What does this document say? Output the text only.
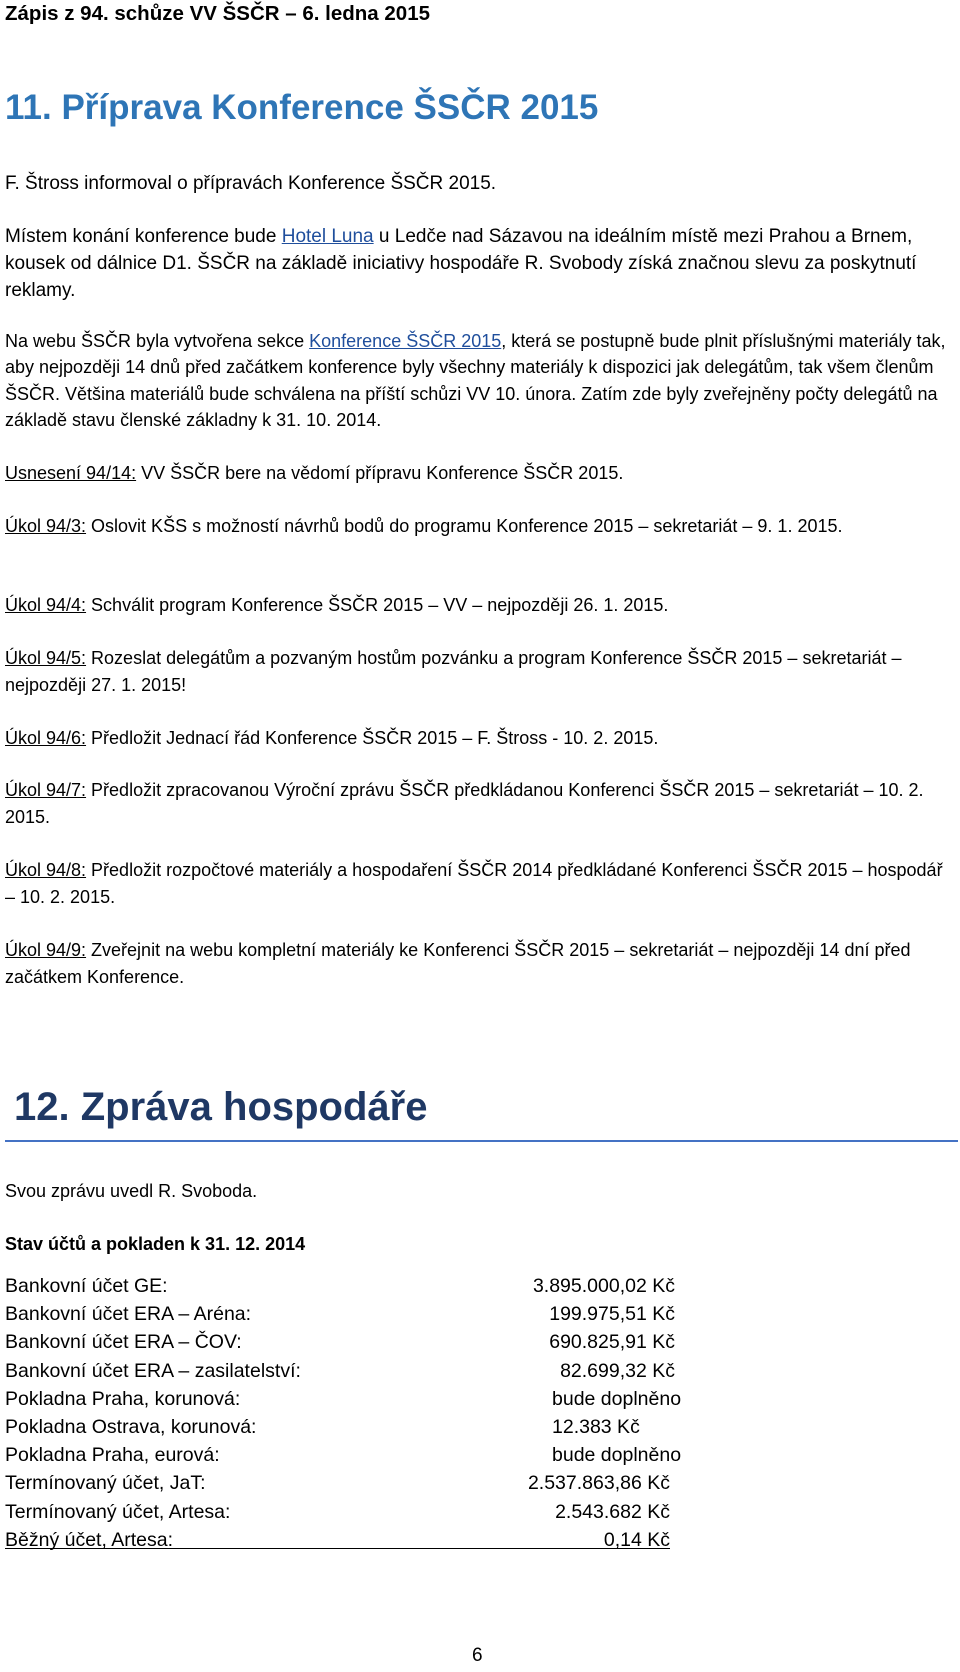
Zápis z 94. schůze VV ŠSČR – 6. ledna 2015
11. Příprava Konference ŠSČR 2015

F. Štross informoval o přípravách Konference ŠSČR 2015.

Místem konání konference bude Hotel Luna u Ledče nad Sázavou na ideálním místě mezi Prahou a Brnem, kousek od dálnice D1. ŠSČR na základě iniciativy hospodáře R. Svobody získá značnou slevu za poskytnutí reklamy.

Na webu ŠSČR byla vytvořena sekce Konference ŠSČR 2015, která se postupně bude plnit příslušnými materiály tak, aby nejpozději 14 dnů před začátkem konference byly všechny materiály k dispozici jak delegátům, tak všem členům ŠSČR. Většina materiálů bude schválena na příští schůzi VV 10. února. Zatím zde byly zveřejněny počty delegátů na základě stavu členské základny k 31. 10. 2014.

Usnesení 94/14: VV ŠSČR bere na vědomí přípravu Konference ŠSČR 2015.

Úkol 94/3: Oslovit KŠS s možností návrhů bodů do programu Konference 2015 – sekretariát – 9. 1. 2015.

Úkol 94/4: Schválit program Konference ŠSČR 2015 – VV – nejpozději 26. 1. 2015.

Úkol 94/5: Rozeslat delegátům a pozvaným hostům pozvánku a program Konference ŠSČR 2015 – sekretariát – nejpozději 27. 1. 2015!

Úkol 94/6: Předložit Jednací řád Konference ŠSČR 2015 – F. Štross - 10. 2. 2015.

Úkol 94/7: Předložit zpracovanou Výroční zprávu ŠSČR předkládanou Konferenci ŠSČR 2015 – sekretariát – 10. 2. 2015.

Úkol 94/8: Předložit rozpočtové materiály a hospodaření ŠSČR 2014 předkládané Konferenci ŠSČR 2015 – hospodář – 10. 2. 2015.

Úkol 94/9: Zveřejnit na webu kompletní materiály ke Konferenci ŠSČR 2015 – sekretariát – nejpozději 14 dní před začátkem Konference.

12. Zpráva hospodáře

Svou zprávu uvedl R. Svoboda.

Stav účtů a pokladen k 31. 12. 2014

Bankovní účet GE:	3.895.000,02 Kč
Bankovní účet ERA – Aréna:	199.975,51 Kč
Bankovní účet ERA – ČOV:	690.825,91 Kč
Bankovní účet ERA – zasilatelství:	82.699,32 Kč
Pokladna Praha, korunová:	bude doplněno
Pokladna Ostrava, korunová:	12.383 Kč
Pokladna Praha, eurová:	bude doplněno
Termínovaný účet, JaT:	2.537.863,86 Kč
Termínovaný účet, Artesa:	2.543.682 Kč
Běžný účet, Artesa:	0,14 Kč
6
